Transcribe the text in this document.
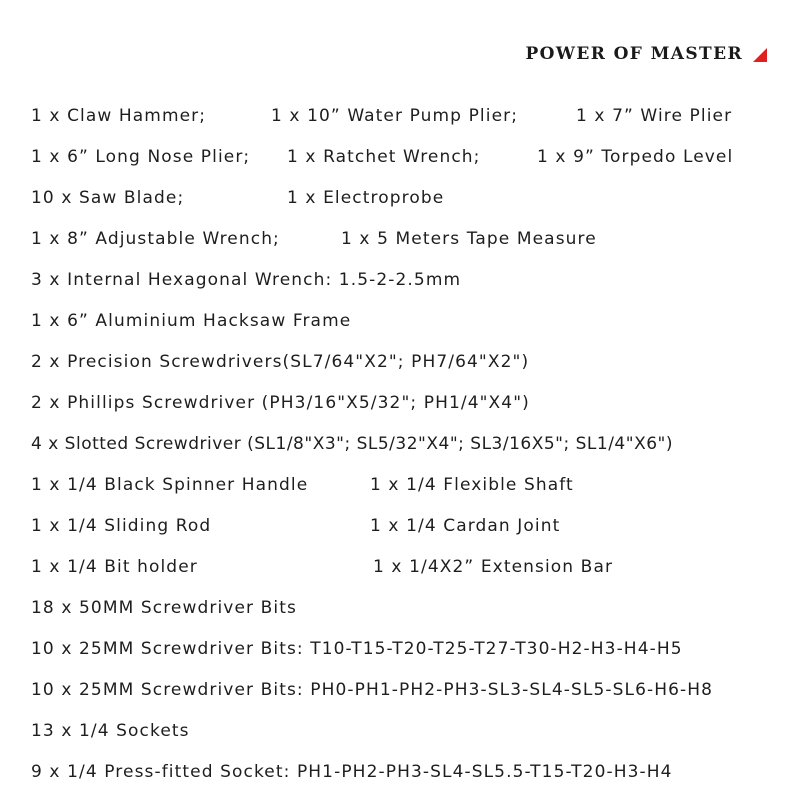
POWER OF MASTER
1 x Claw Hammer;	1 x 10” Water Pump Plier;	1 x 7” Wire Plier
1 x 6” Long Nose Plier; 1 x Ratchet Wrench;	1 x 9” Torpedo Level
10 x Saw Blade;	1 x Electroprobe
1 x 8” Adjustable Wrench;	1 x 5 Meters Tape Measure
3 x Internal Hexagonal Wrench: 1.5-2-2.5mm
1 x 6” Aluminium Hacksaw Frame
2 x Precision Screwdrivers(SL7/64"X2"; PH7/64"X2")
2 x Phillips Screwdriver (PH3/16"X5/32"; PH1/4"X4")
4 x Slotted Screwdriver (SL1/8"X3"; SL5/32"X4"; SL3/16X5"; SL1/4"X6")
1 x 1/4 Black Spinner Handle	1 x 1/4 Flexible Shaft
1 x 1/4 Sliding Rod	1 x 1/4 Cardan Joint
1 x 1/4 Bit holder	1 x 1/4X2” Extension Bar
18 x 50MM Screwdriver Bits
10 x 25MM Screwdriver Bits: T10-T15-T20-T25-T27-T30-H2-H3-H4-H5
10 x 25MM Screwdriver Bits: PH0-PH1-PH2-PH3-SL3-SL4-SL5-SL6-H6-H8
13 x 1/4 Sockets
9 x 1/4 Press-fitted Socket: PH1-PH2-PH3-SL4-SL5.5-T15-T20-H3-H4
